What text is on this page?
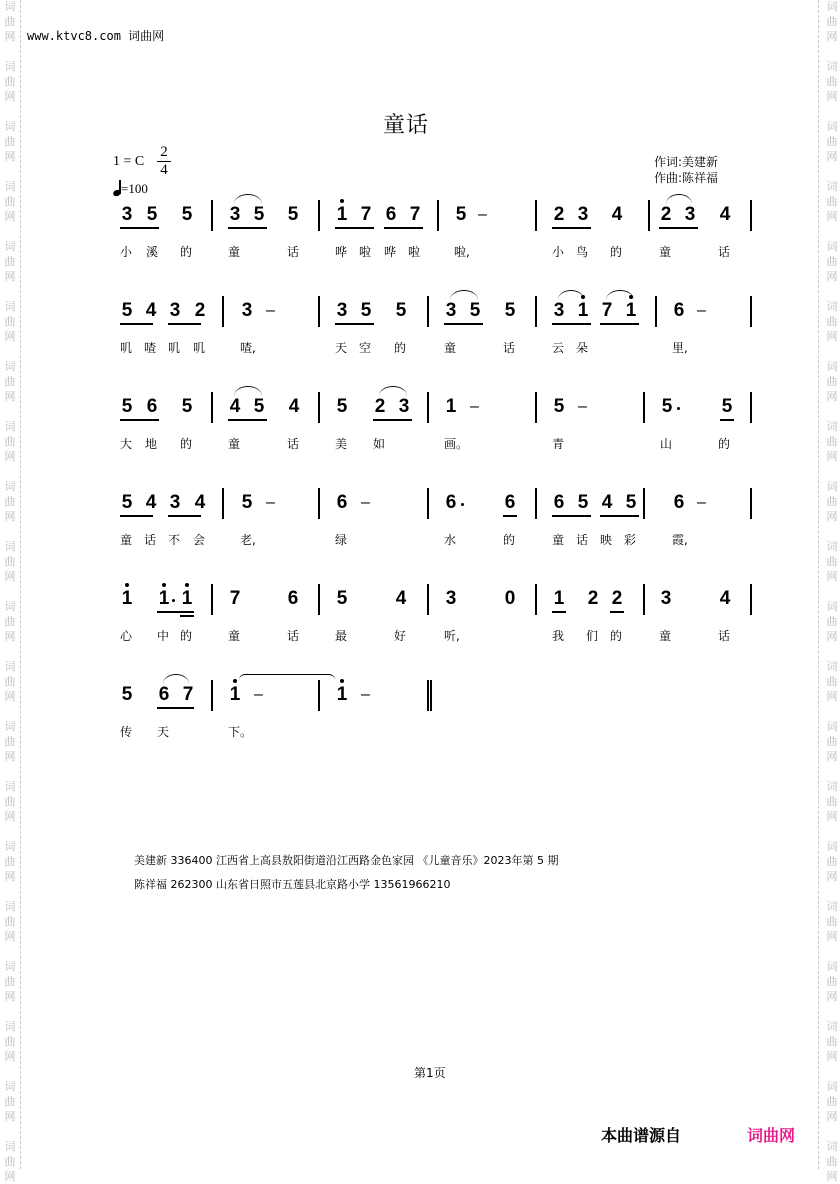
词
曲
网
词
曲
网
词
曲
网
词
曲
网
词
曲
网
词
曲
网
词
曲
网
词
曲
网
词
曲
网
词
曲
网
词
曲
网
词
曲
网
词
曲
网
词
曲
网
词
曲
网
词
曲
网
词
曲
网
词
曲
网
词
曲
网
词
曲
网
词
曲
网
词
曲
网
词
曲
网
词
曲
网
词
曲
网
词
曲
网
词
曲
网
词
曲
网
词
曲
网
词
曲
网
词
曲
网
词
曲
网
词
曲
网
词
曲
网
词
曲
网
词
曲
网
词
曲
网
词
曲
网
词
曲
网
词
曲
网
www.ktvc8.com 词曲网
童话
1 = C
2
4
=100
作词:美建新
作曲:陈祥福
3 5 5 3 5 5 1 7 6 7 5	2 3 4 2 3 4
–
小 溪 的	童	话	哗 啦 哗 啦	啦,	小 鸟 的	童	话
5 4 3 2 3	3 5 5 3 5 5 3 1 7 1 6
–	–
叽 喳 叽 叽	喳,	天 空 的	童	话	云 朵	里,
5 6 5 4 5 4 5 2 3 1	5	5	5
–	–
大 地 的	童	话	美 如	画。	青	山	的
5 4 3 4 5	6	6	6 6 5 4 5 6
–	–	–
童 话 不 会	老,	绿	水	的	童 话 映 彩	霞,
1 1 1 7 6 5	4 3	0 1 2 2 3	4
心 中 的	童	话	最	好	听,	我 们 的	童	话
5 6 7 1	1
–	–
传 天	下。
美建新 336400 江西省上高县敖阳街道沿江西路金色家园 《儿童音乐》2023年第 5 期
陈祥福 262300 山东省日照市五莲县北京路小学 13561966210
第1页
本曲谱源自	词曲网
